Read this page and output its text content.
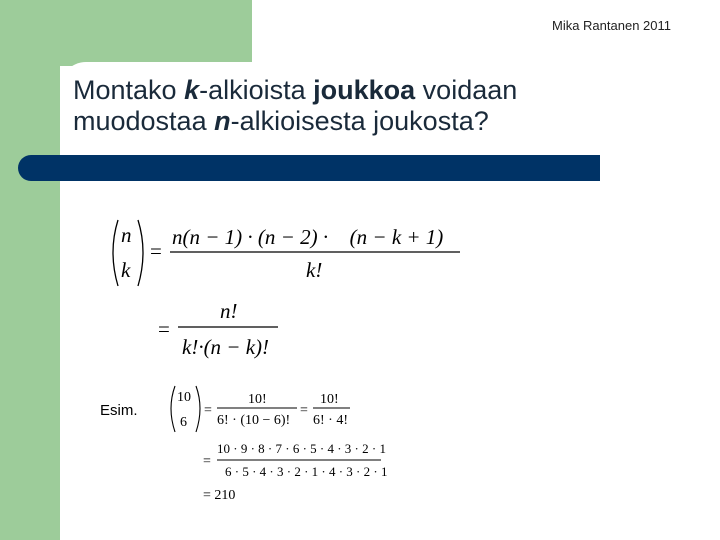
Mika Rantanen 2011
Montako k-alkioista joukkoa voidaan
muodostaa n-alkioisesta joukosta?
Esim.
n
k
=
n(n − 1) · (n − 2) ·⃞ (n − k + 1)
k!
=
n!
k!·(n − k)!
10
6
=
10!
6! · (10 − 6)!
=
10!
6! · 4!
=
10 · 9 · 8 · 7 · 6 · 5 · 4 · 3 · 2 · 1
6 · 5 · 4 · 3 · 2 · 1 · 4 · 3 · 2 · 1
= 210
